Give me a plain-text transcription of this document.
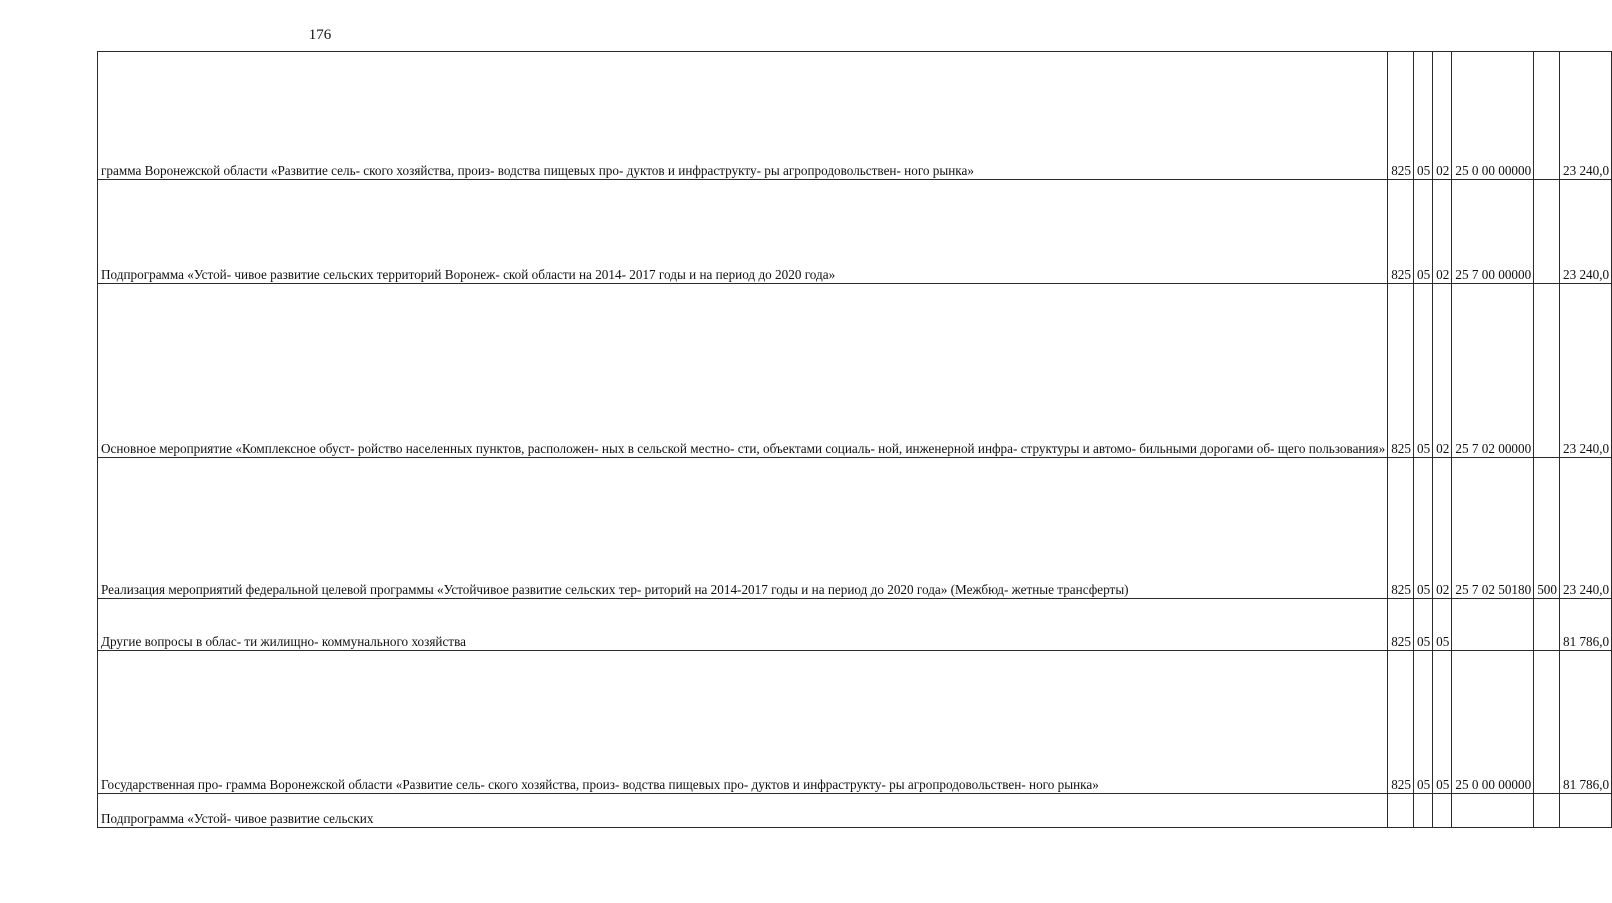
176
грамма Воронежской области «Развитие сель- ского хозяйства, произ- водства пищевых про- дуктов и инфраструкту- ры агропродовольствен- ного рынка»	825	05	02	25 0 00 00000		23 240,0
Подпрограмма «Устой- чивое развитие сельских территорий Воронеж- ской области на 2014- 2017 годы и на период до 2020 года»	825	05	02	25 7 00 00000		23 240,0
Основное мероприятие «Комплексное обуст- ройство населенных пунктов, расположен- ных в сельской местно- сти, объектами социаль- ной, инженерной инфра- структуры и автомо- бильными дорогами об- щего пользования»	825	05	02	25 7 02 00000		23 240,0
Реализация мероприятий федеральной целевой программы «Устойчивое развитие сельских тер- риторий на 2014-2017 годы и на период до 2020 года» (Межбюд- жетные трансферты)	825	05	02	25 7 02 50180	500	23 240,0
Другие вопросы в облас- ти жилищно- коммунального хозяйства	825	05	05			81 786,0
Государственная про- грамма Воронежской области «Развитие сель- ского хозяйства, произ- водства пищевых про- дуктов и инфраструкту- ры агропродовольствен- ного рынка»	825	05	05	25 0 00 00000		81 786,0
Подпрограмма «Устой- чивое развитие сельских						
